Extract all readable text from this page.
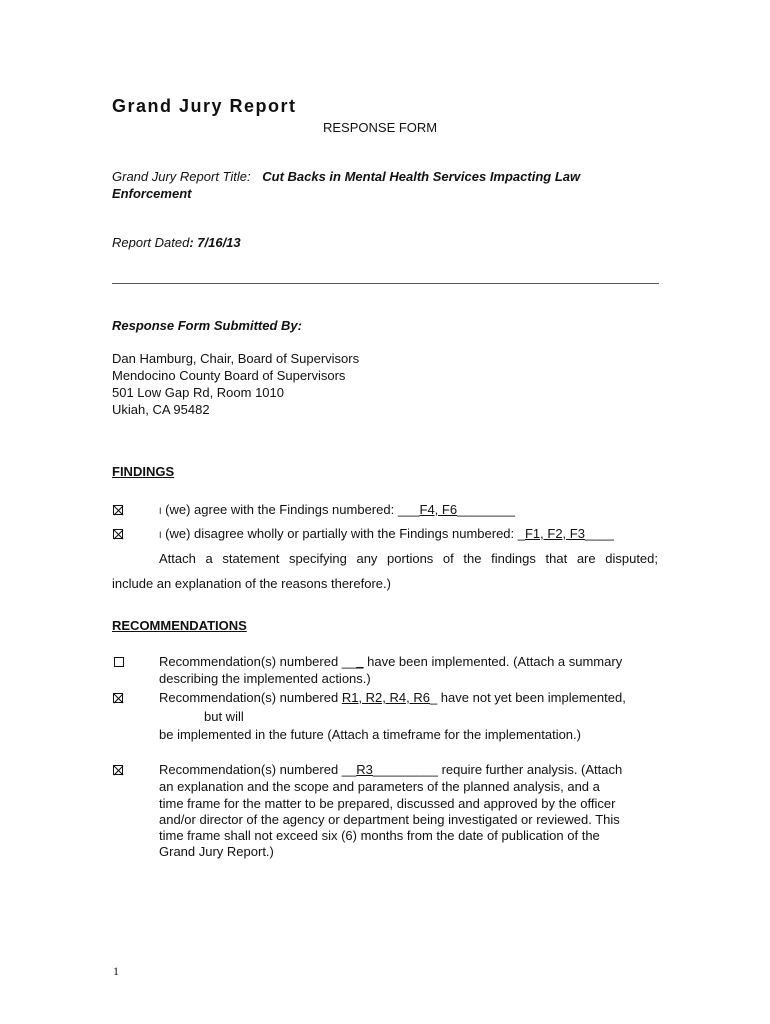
Grand Jury Report
RESPONSE FORM
Grand Jury Report Title: Cut Backs in Mental Health Services Impacting Law
Enforcement
Report Dated: 7/16/13
Response Form Submitted By:
Dan Hamburg, Chair, Board of Supervisors
Mendocino County Board of Supervisors
501 Low Gap Rd, Room 1010
Ukiah, CA 95482
FINDINGS
I (we) agree with the Findings numbered: ___F4, F6________
I (we) disagree wholly or partially with the Findings numbered: _F1, F2, F3____
Attach a statement specifying any portions of the findings that are disputed;
include an explanation of the reasons therefore.)
RECOMMENDATIONS
Recommendation(s) numbered ___ have been implemented. (Attach a summary
describing the implemented actions.)
Recommendation(s) numbered R1, R2, R4, R6_ have not yet been implemented,
but will
be implemented in the future (Attach a timeframe for the implementation.)
Recommendation(s) numbered __R3_________ require further analysis. (Attach
an explanation and the scope and parameters of the planned analysis, and a
time frame for the matter to be prepared, discussed and approved by the officer
and/or director of the agency or department being investigated or reviewed. This
time frame shall not exceed six (6) months from the date of publication of the
Grand Jury Report.)
1
